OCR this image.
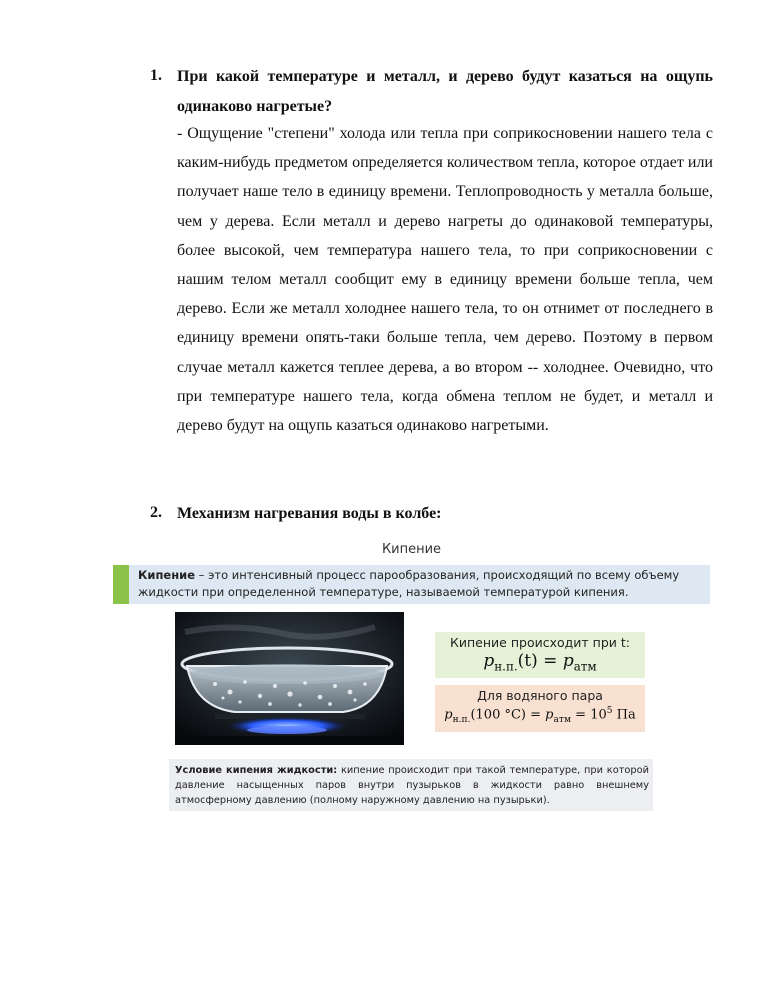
1. При какой температуре и металл, и дерево будут казаться на ощупь одинаково нагретые?

- Ощущение "степени" холода или тепла при соприкосновении нашего тела с каким-нибудь предметом определяется количеством тепла, которое отдает или получает наше тело в единицу времени. Теплопроводность у металла больше, чем у дерева. Если металл и дерево нагреты до одинаковой температуры, более высокой, чем температура нашего тела, то при соприкосновении с нашим телом металл сообщит ему в единицу времени больше тепла, чем дерево. Если же металл холоднее нашего тела, то он отнимет от последнего в единицу времени опять-таки больше тепла, чем дерево. Поэтому в первом случае металл кажется теплее дерева, а во втором -- холоднее. Очевидно, что при температуре нашего тела, когда обмена теплом не будет, и металл и дерево будут на ощупь казаться одинаково нагретыми.

2. Механизм нагревания воды в колбе:
Кипение
Кипение – это интенсивный процесс парообразования, происходящий по всему объему жидкости при определенной температуре, называемой температурой кипения.
Кипение происходит при t:
$p_{н.п.}(t) = p_{атм}$
Для водяного пара
$p_{н.п.}(100$ $^\circ C) = p_{атм} = 10^5$ Па
Условие кипения жидкости: кипение происходит при такой температуре, при которой давление насыщенных паров внутри пузырьков в жидкости равно внешнему атмосферному давлению (полному наружному давлению на пузырьки).
